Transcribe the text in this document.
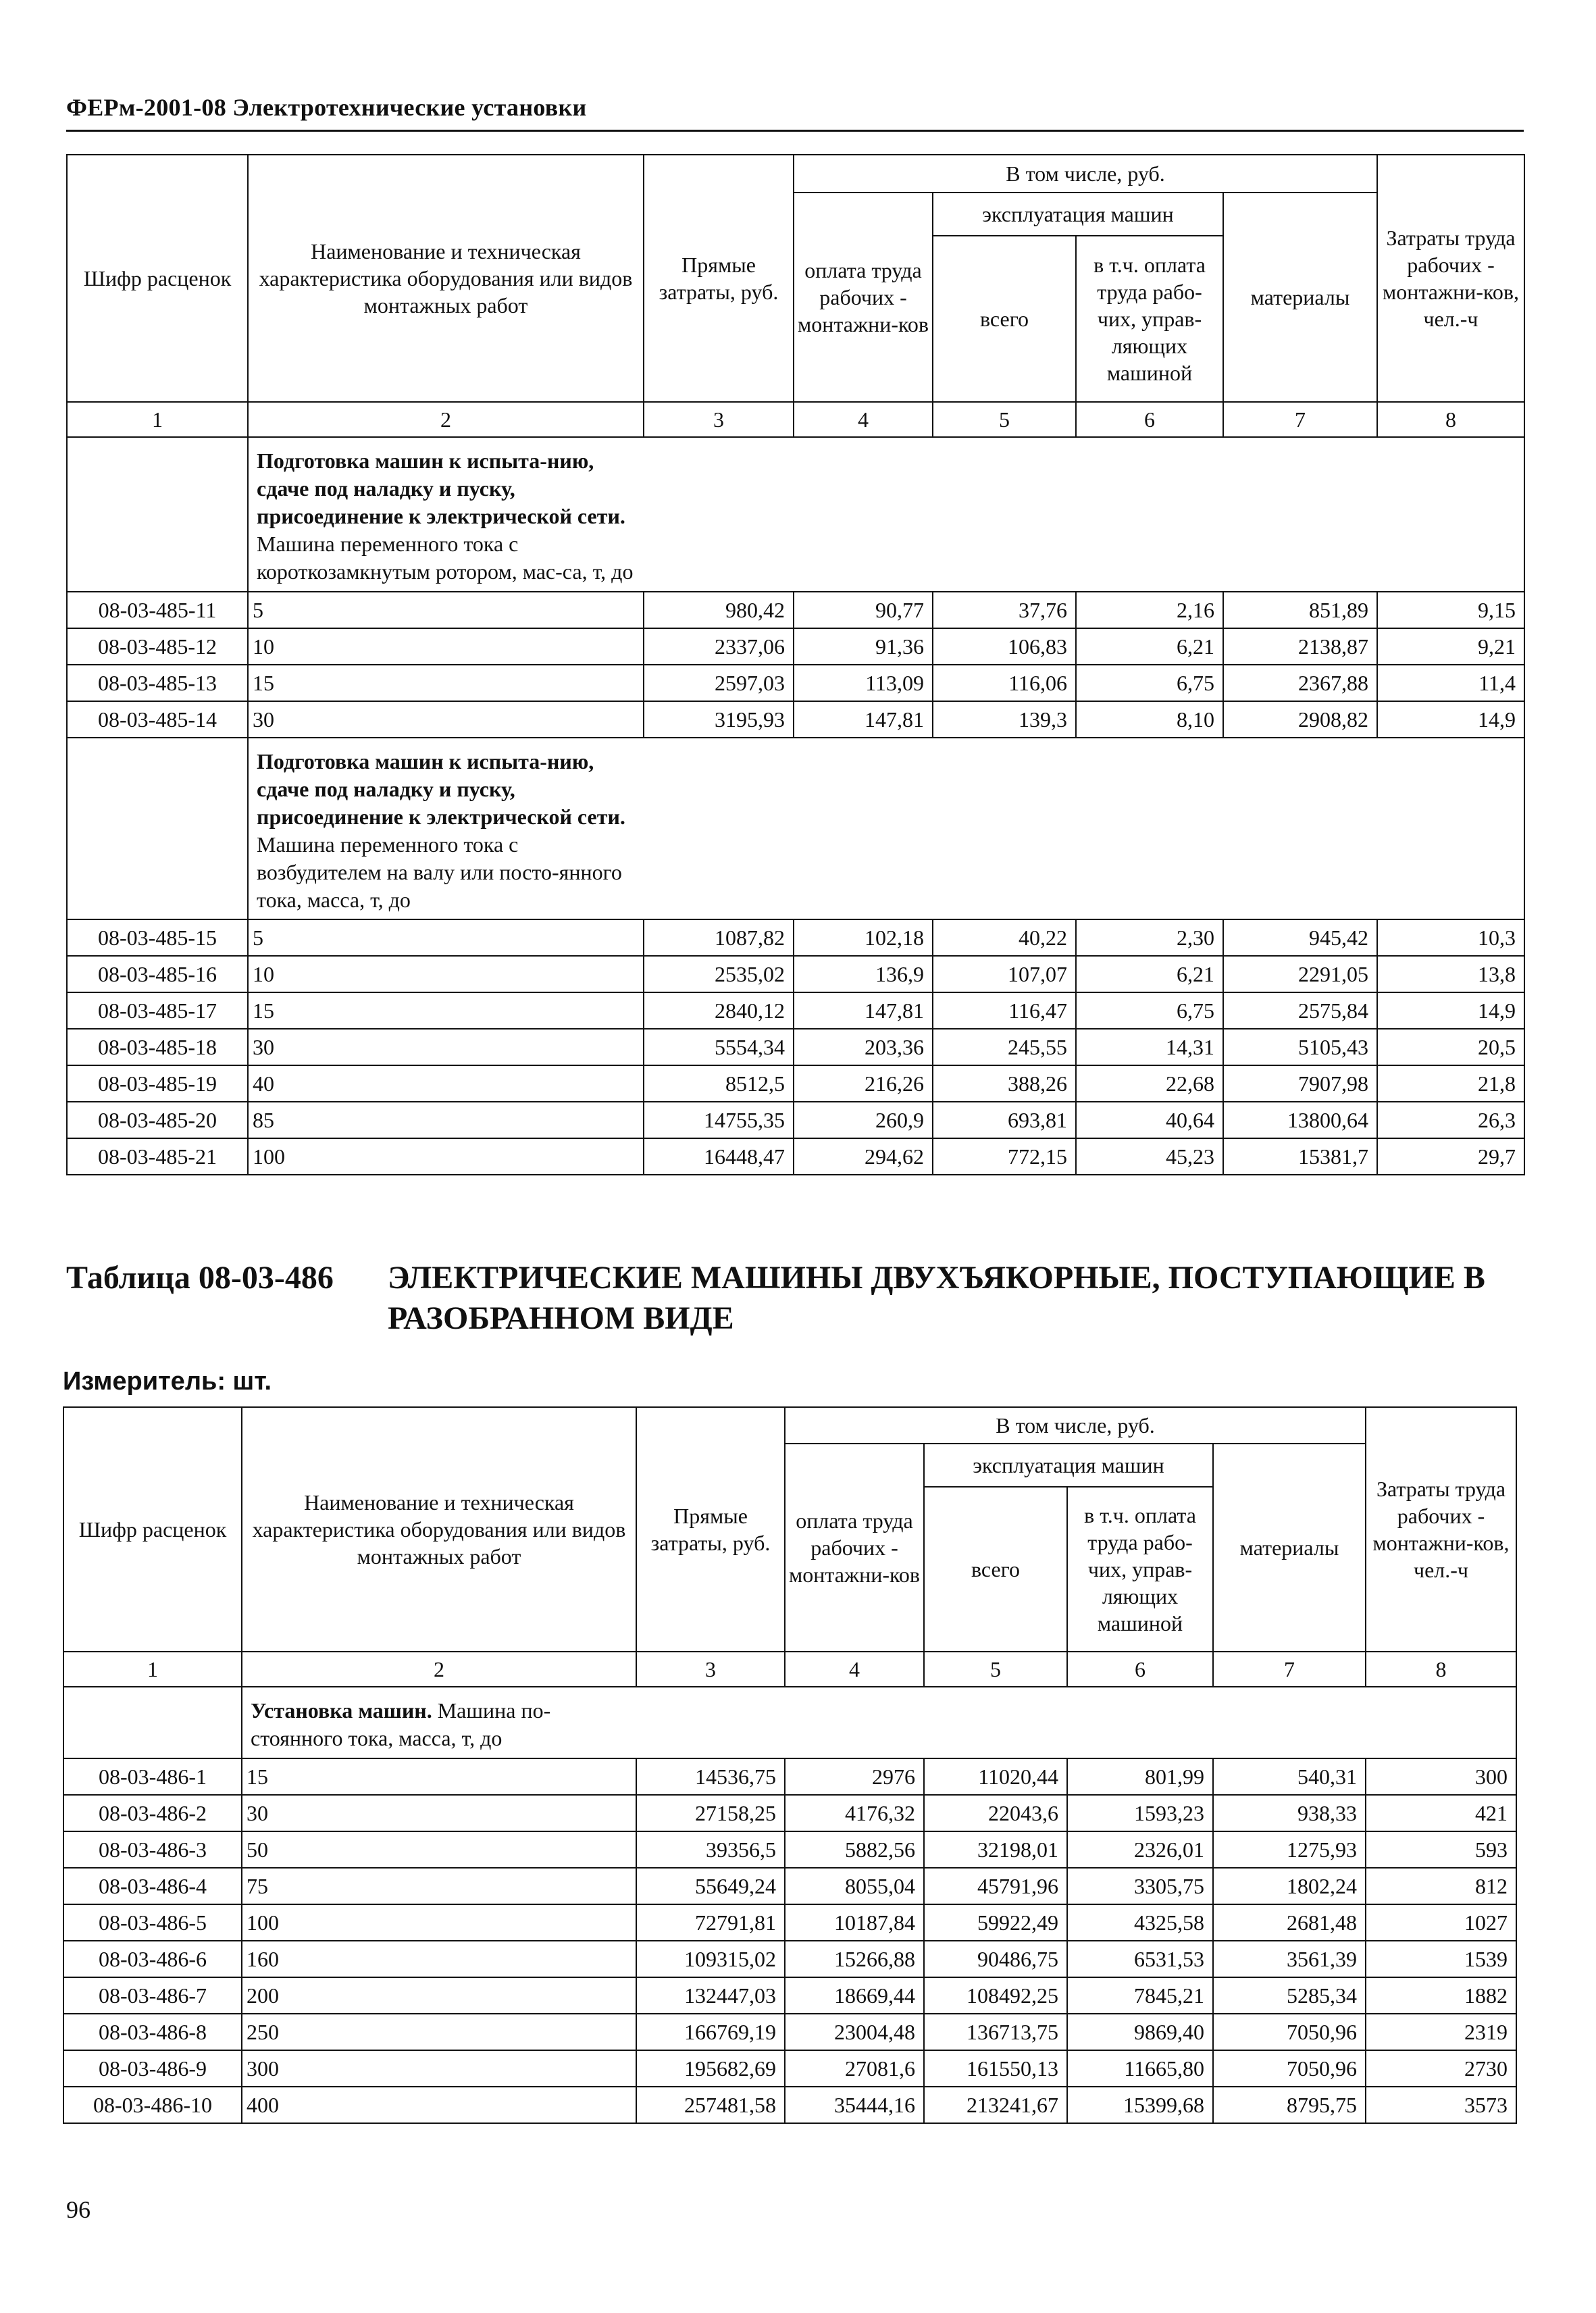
ФЕРм-2001-08 Электротехнические установки
Шифр расценок	Наименование и техническая характеристика оборудования или видов монтажных работ	Прямые затраты, руб.	В том числе, руб.				Затраты труда рабочих - монтажни-ков, чел.-ч
			оплата труда рабочих - монтажни-ков	эксплуатация машин		материалы	
				всего	в т.ч. оплата труда рабо-чих, управ-ляющих машиной		
1	2	3	4	5	6	7	8

	Подготовка машин к испыта-нию, сдаче под наладку и пуску, присоединение к электрической сети. Машина переменного тока с короткозамкнутым ротором, мас-са, т, до						

08-03-485-11	5	980,42	90,77	37,76	2,16	851,89	9,15
08-03-485-12	10	2337,06	91,36	106,83	6,21	2138,87	9,21
08-03-485-13	15	2597,03	113,09	116,06	6,75	2367,88	11,4
08-03-485-14	30	3195,93	147,81	139,3	8,10	2908,82	14,9

	Подготовка машин к испыта-нию, сдаче под наладку и пуску, присоединение к электрической сети. Машина переменного тока с возбудителем на валу или посто-янного тока, масса, т, до						

08-03-485-15	5	1087,82	102,18	40,22	2,30	945,42	10,3
08-03-485-16	10	2535,02	136,9	107,07	6,21	2291,05	13,8
08-03-485-17	15	2840,12	147,81	116,47	6,75	2575,84	14,9
08-03-485-18	30	5554,34	203,36	245,55	14,31	5105,43	20,5
08-03-485-19	40	8512,5	216,26	388,26	22,68	7907,98	21,8
08-03-485-20	85	14755,35	260,9	693,81	40,64	13800,64	26,3
08-03-485-21	100	16448,47	294,62	772,15	45,23	15381,7	29,7
Таблица 08-03-486 ЭЛЕКТРИЧЕСКИЕ МАШИНЫ ДВУХЪЯКОРНЫЕ, ПОСТУПАЮЩИЕ В РАЗОБРАННОМ ВИДЕ
Измеритель: шт.
Шифр расценок	Наименование и техническая характеристика оборудования или видов монтажных работ	Прямые затраты, руб.	В том числе, руб.				Затраты труда рабочих - монтажни-ков, чел.-ч
			оплата труда рабочих - монтажни-ков	эксплуатация машин		материалы	
				всего	в т.ч. оплата труда рабо-чих, управ-ляющих машиной		
1	2	3	4	5	6	7	8

	Установка машин. Машина по-стоянного тока, масса, т, до						

08-03-486-1	15	14536,75	2976	11020,44	801,99	540,31	300
08-03-486-2	30	27158,25	4176,32	22043,6	1593,23	938,33	421
08-03-486-3	50	39356,5	5882,56	32198,01	2326,01	1275,93	593
08-03-486-4	75	55649,24	8055,04	45791,96	3305,75	1802,24	812
08-03-486-5	100	72791,81	10187,84	59922,49	4325,58	2681,48	1027
08-03-486-6	160	109315,02	15266,88	90486,75	6531,53	3561,39	1539
08-03-486-7	200	132447,03	18669,44	108492,25	7845,21	5285,34	1882
08-03-486-8	250	166769,19	23004,48	136713,75	9869,40	7050,96	2319
08-03-486-9	300	195682,69	27081,6	161550,13	11665,80	7050,96	2730
08-03-486-10	400	257481,58	35444,16	213241,67	15399,68	8795,75	3573
96
